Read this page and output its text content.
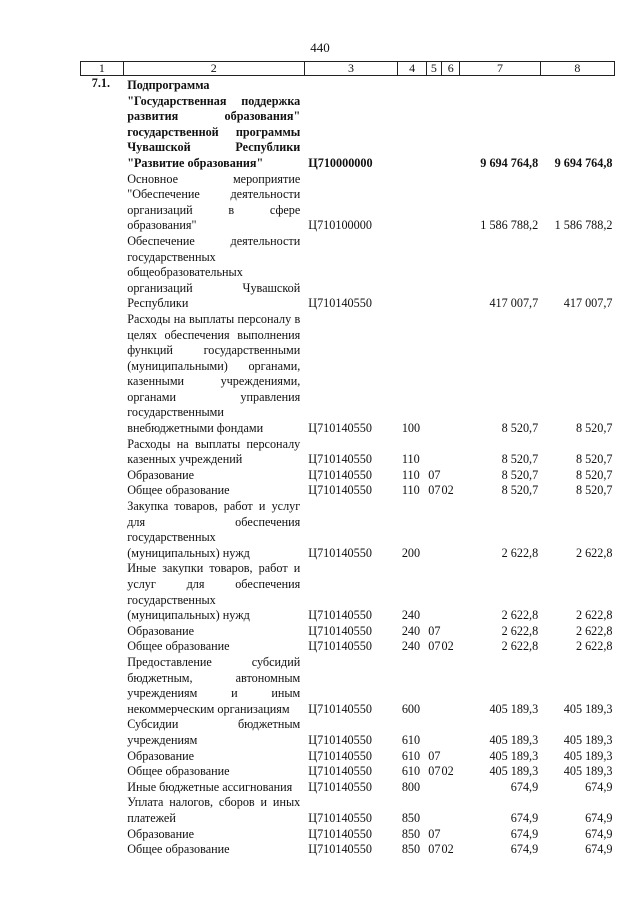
440
1	2	3	4	5	6	7	8
7.1.	Подпрограмма "Государственная поддержка развития образования" государственной программы Чувашской Республики "Развитие образования"	Ц710000000				9 694 764,8	9 694 764,8
	Основное мероприятие "Обеспечение деятельности организаций в сфере образования"	Ц710100000				1 586 788,2	1 586 788,2
	Обеспечение деятельности государственных общеобразовательных организаций Чувашской Республики	Ц710140550				417 007,7	417 007,7
	Расходы на выплаты персоналу в целях обеспечения выполнения функций государственными (муниципальными) органами, казенными учреждениями, органами управления государственными внебюджетными фондами	Ц710140550	100			8 520,7	8 520,7
	Расходы на выплаты персоналу казенных учреждений	Ц710140550	110			8 520,7	8 520,7
	Образование	Ц710140550	110	07		8 520,7	8 520,7
	Общее образование	Ц710140550	110	07	02	8 520,7	8 520,7
	Закупка товаров, работ и услуг для обеспечения государственных (муниципальных) нужд	Ц710140550	200			2 622,8	2 622,8
	Иные закупки товаров, работ и услуг для обеспечения государственных (муниципальных) нужд	Ц710140550	240			2 622,8	2 622,8
	Образование	Ц710140550	240	07		2 622,8	2 622,8
	Общее образование	Ц710140550	240	07	02	2 622,8	2 622,8
	Предоставление субсидий бюджетным, автономным учреждениям и иным некоммерческим организациям	Ц710140550	600			405 189,3	405 189,3
	Субсидии бюджетным учреждениям	Ц710140550	610			405 189,3	405 189,3
	Образование	Ц710140550	610	07		405 189,3	405 189,3
	Общее образование	Ц710140550	610	07	02	405 189,3	405 189,3
	Иные бюджетные ассигнования	Ц710140550	800			674,9	674,9
	Уплата налогов, сборов и иных платежей	Ц710140550	850			674,9	674,9
	Образование	Ц710140550	850	07		674,9	674,9
	Общее образование	Ц710140550	850	07	02	674,9	674,9
